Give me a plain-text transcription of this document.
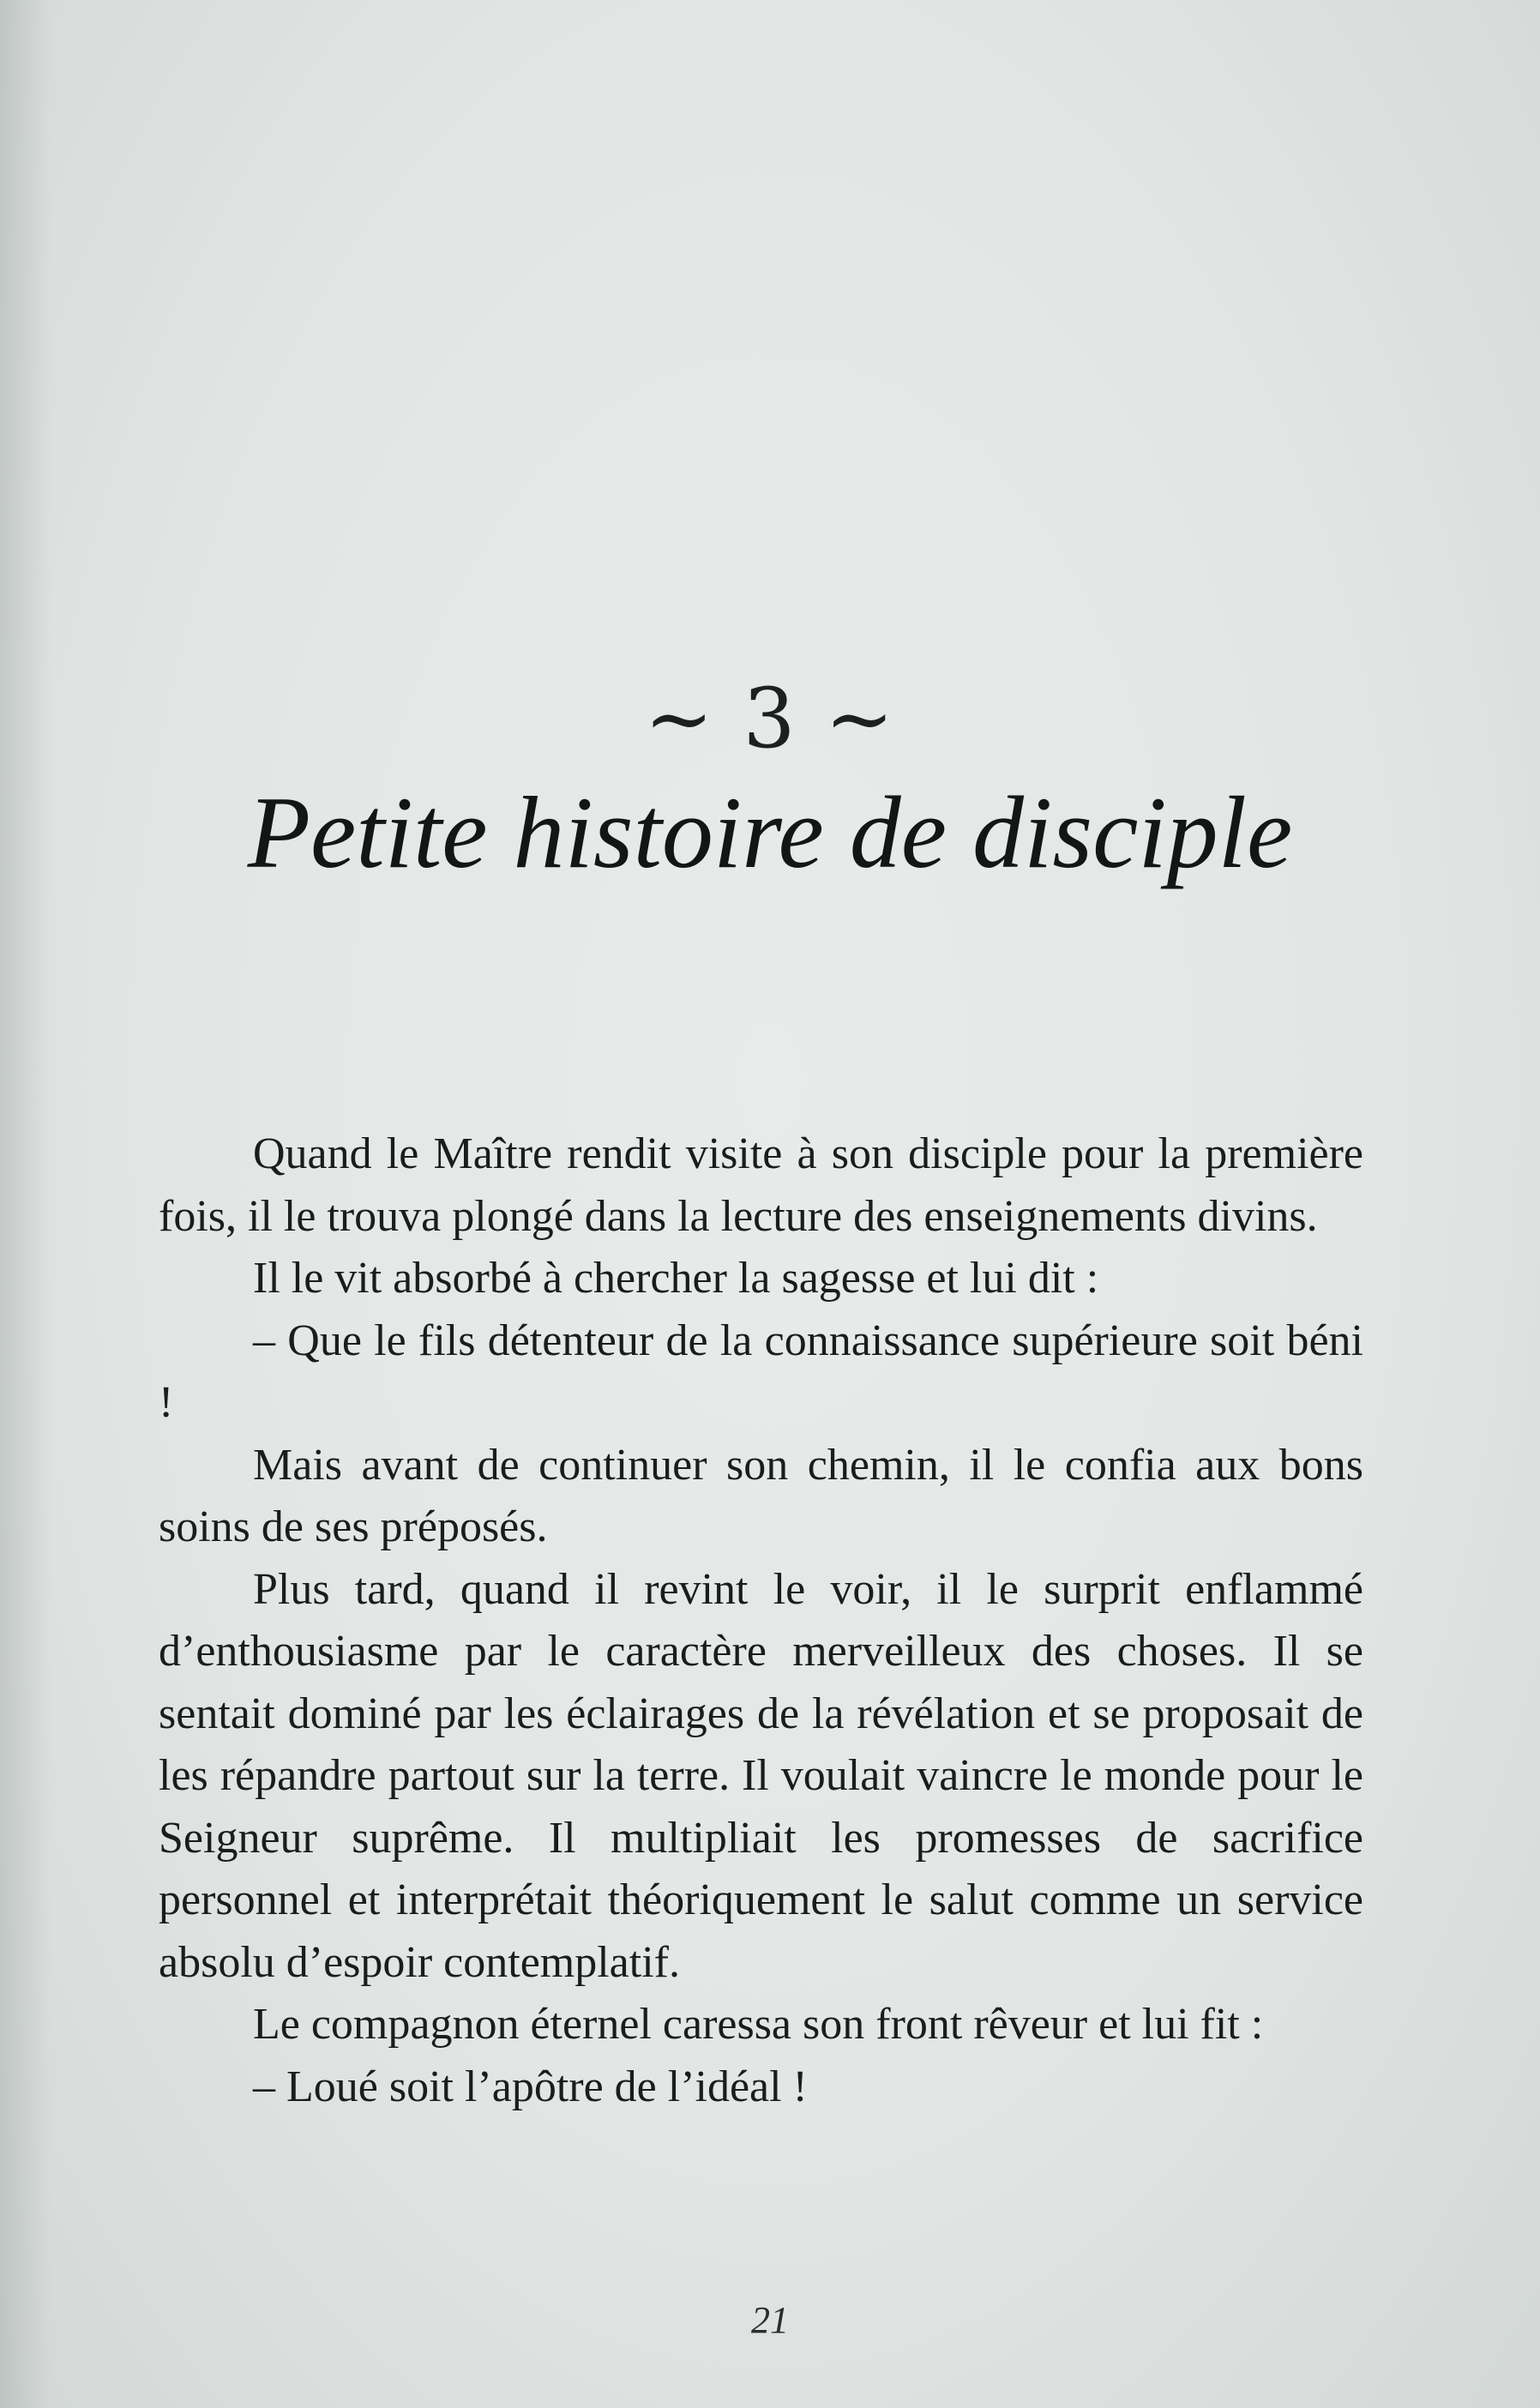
~ 3 ~
Petite histoire de disciple

Quand le Maître rendit visite à son disciple pour la première fois, il le trouva plongé dans la lecture des enseignements divins.

Il le vit absorbé à chercher la sagesse et lui dit :

– Que le fils détenteur de la connaissance supérieure soit béni !

Mais avant de continuer son chemin, il le confia aux bons soins de ses préposés.

Plus tard, quand il revint le voir, il le surprit enflammé d’enthousiasme par le caractère merveilleux des choses. Il se sentait dominé par les éclairages de la révélation et se proposait de les répandre partout sur la terre. Il voulait vaincre le monde pour le Seigneur suprême. Il multipliait les promesses de sacrifice personnel et interprétait théoriquement le salut comme un service absolu d’espoir contemplatif.

Le compagnon éternel caressa son front rêveur et lui fit :

– Loué soit l’apôtre de l’idéal !

21
